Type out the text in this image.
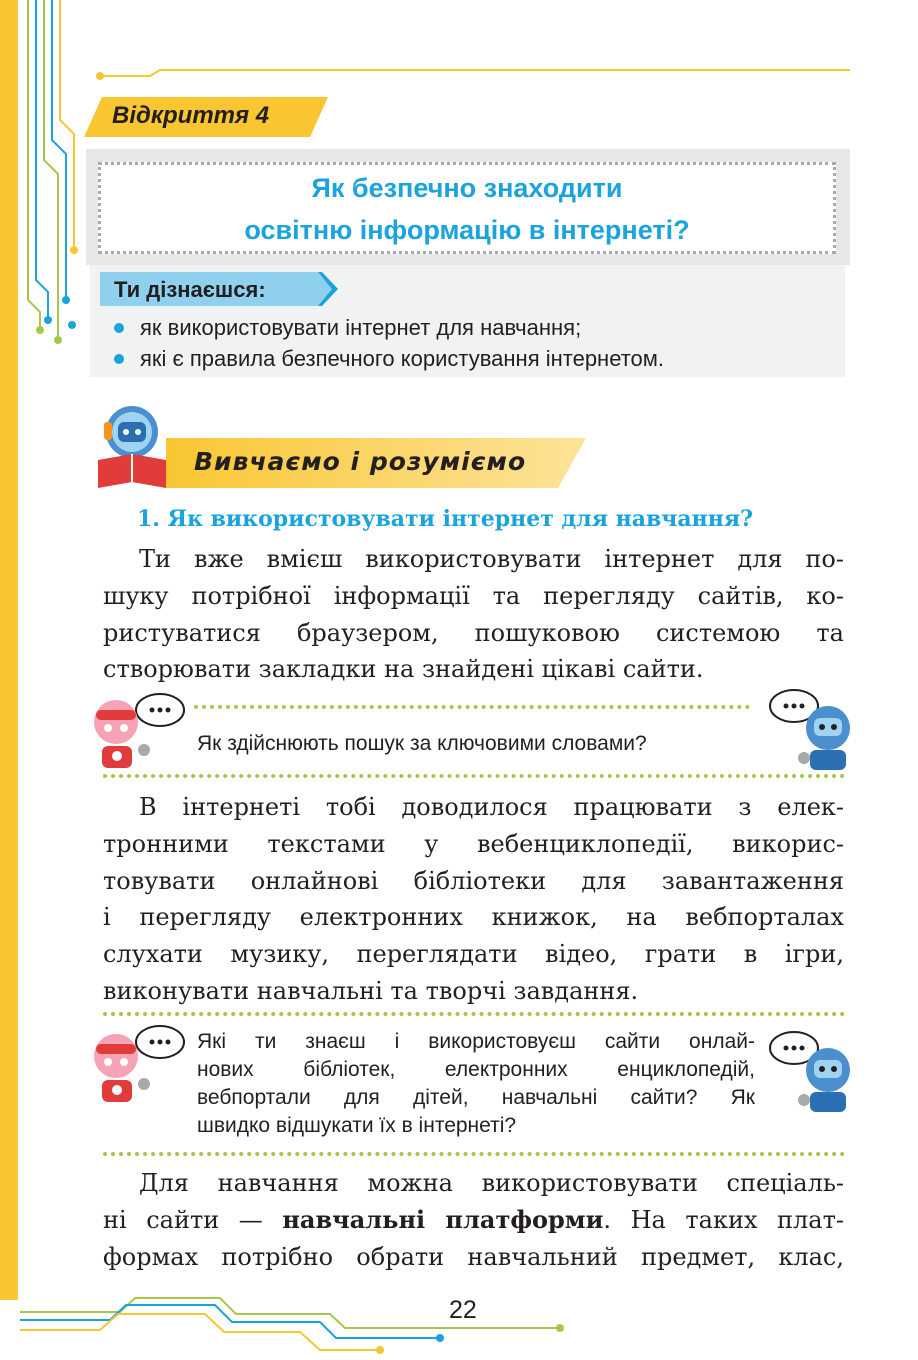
Відкриття 4
Як безпечно знаходити
освітню інформацію в інтернеті?
Ти дізнаєшся:
як використовувати інтернет для навчання;
які є правила безпечного користування інтернетом.
Вивчаємо і розуміємо
1. Як використовувати інтернет для навчання?
Ти вже вмієш використовувати інтернет для по-
шуку потрібної інформації та перегляду сайтів, ко-
ристуватися браузером, пошуковою системою та
створювати закладки на знайдені цікаві сайти.
Як здійснюють пошук за ключовими словами?
В інтернеті тобі доводилося працювати з елек-
тронними текстами у вебенциклопедії, викорис-
товувати онлайнові бібліотеки для завантаження
і перегляду електронних книжок, на вебпорталах
слухати музику, переглядати відео, грати в ігри,
виконувати навчальні та творчі завдання.
Які ти знаєш і використовуєш сайти онлай-
нових бібліотек, електронних енциклопедій,
вебпортали для дітей, навчальні сайти? Як
швидко відшукати їх в інтернеті?
Для навчання можна використовувати спеціаль-
ні сайти — навчальні платформи. На таких плат-
формах потрібно обрати навчальний предмет, клас,
22
